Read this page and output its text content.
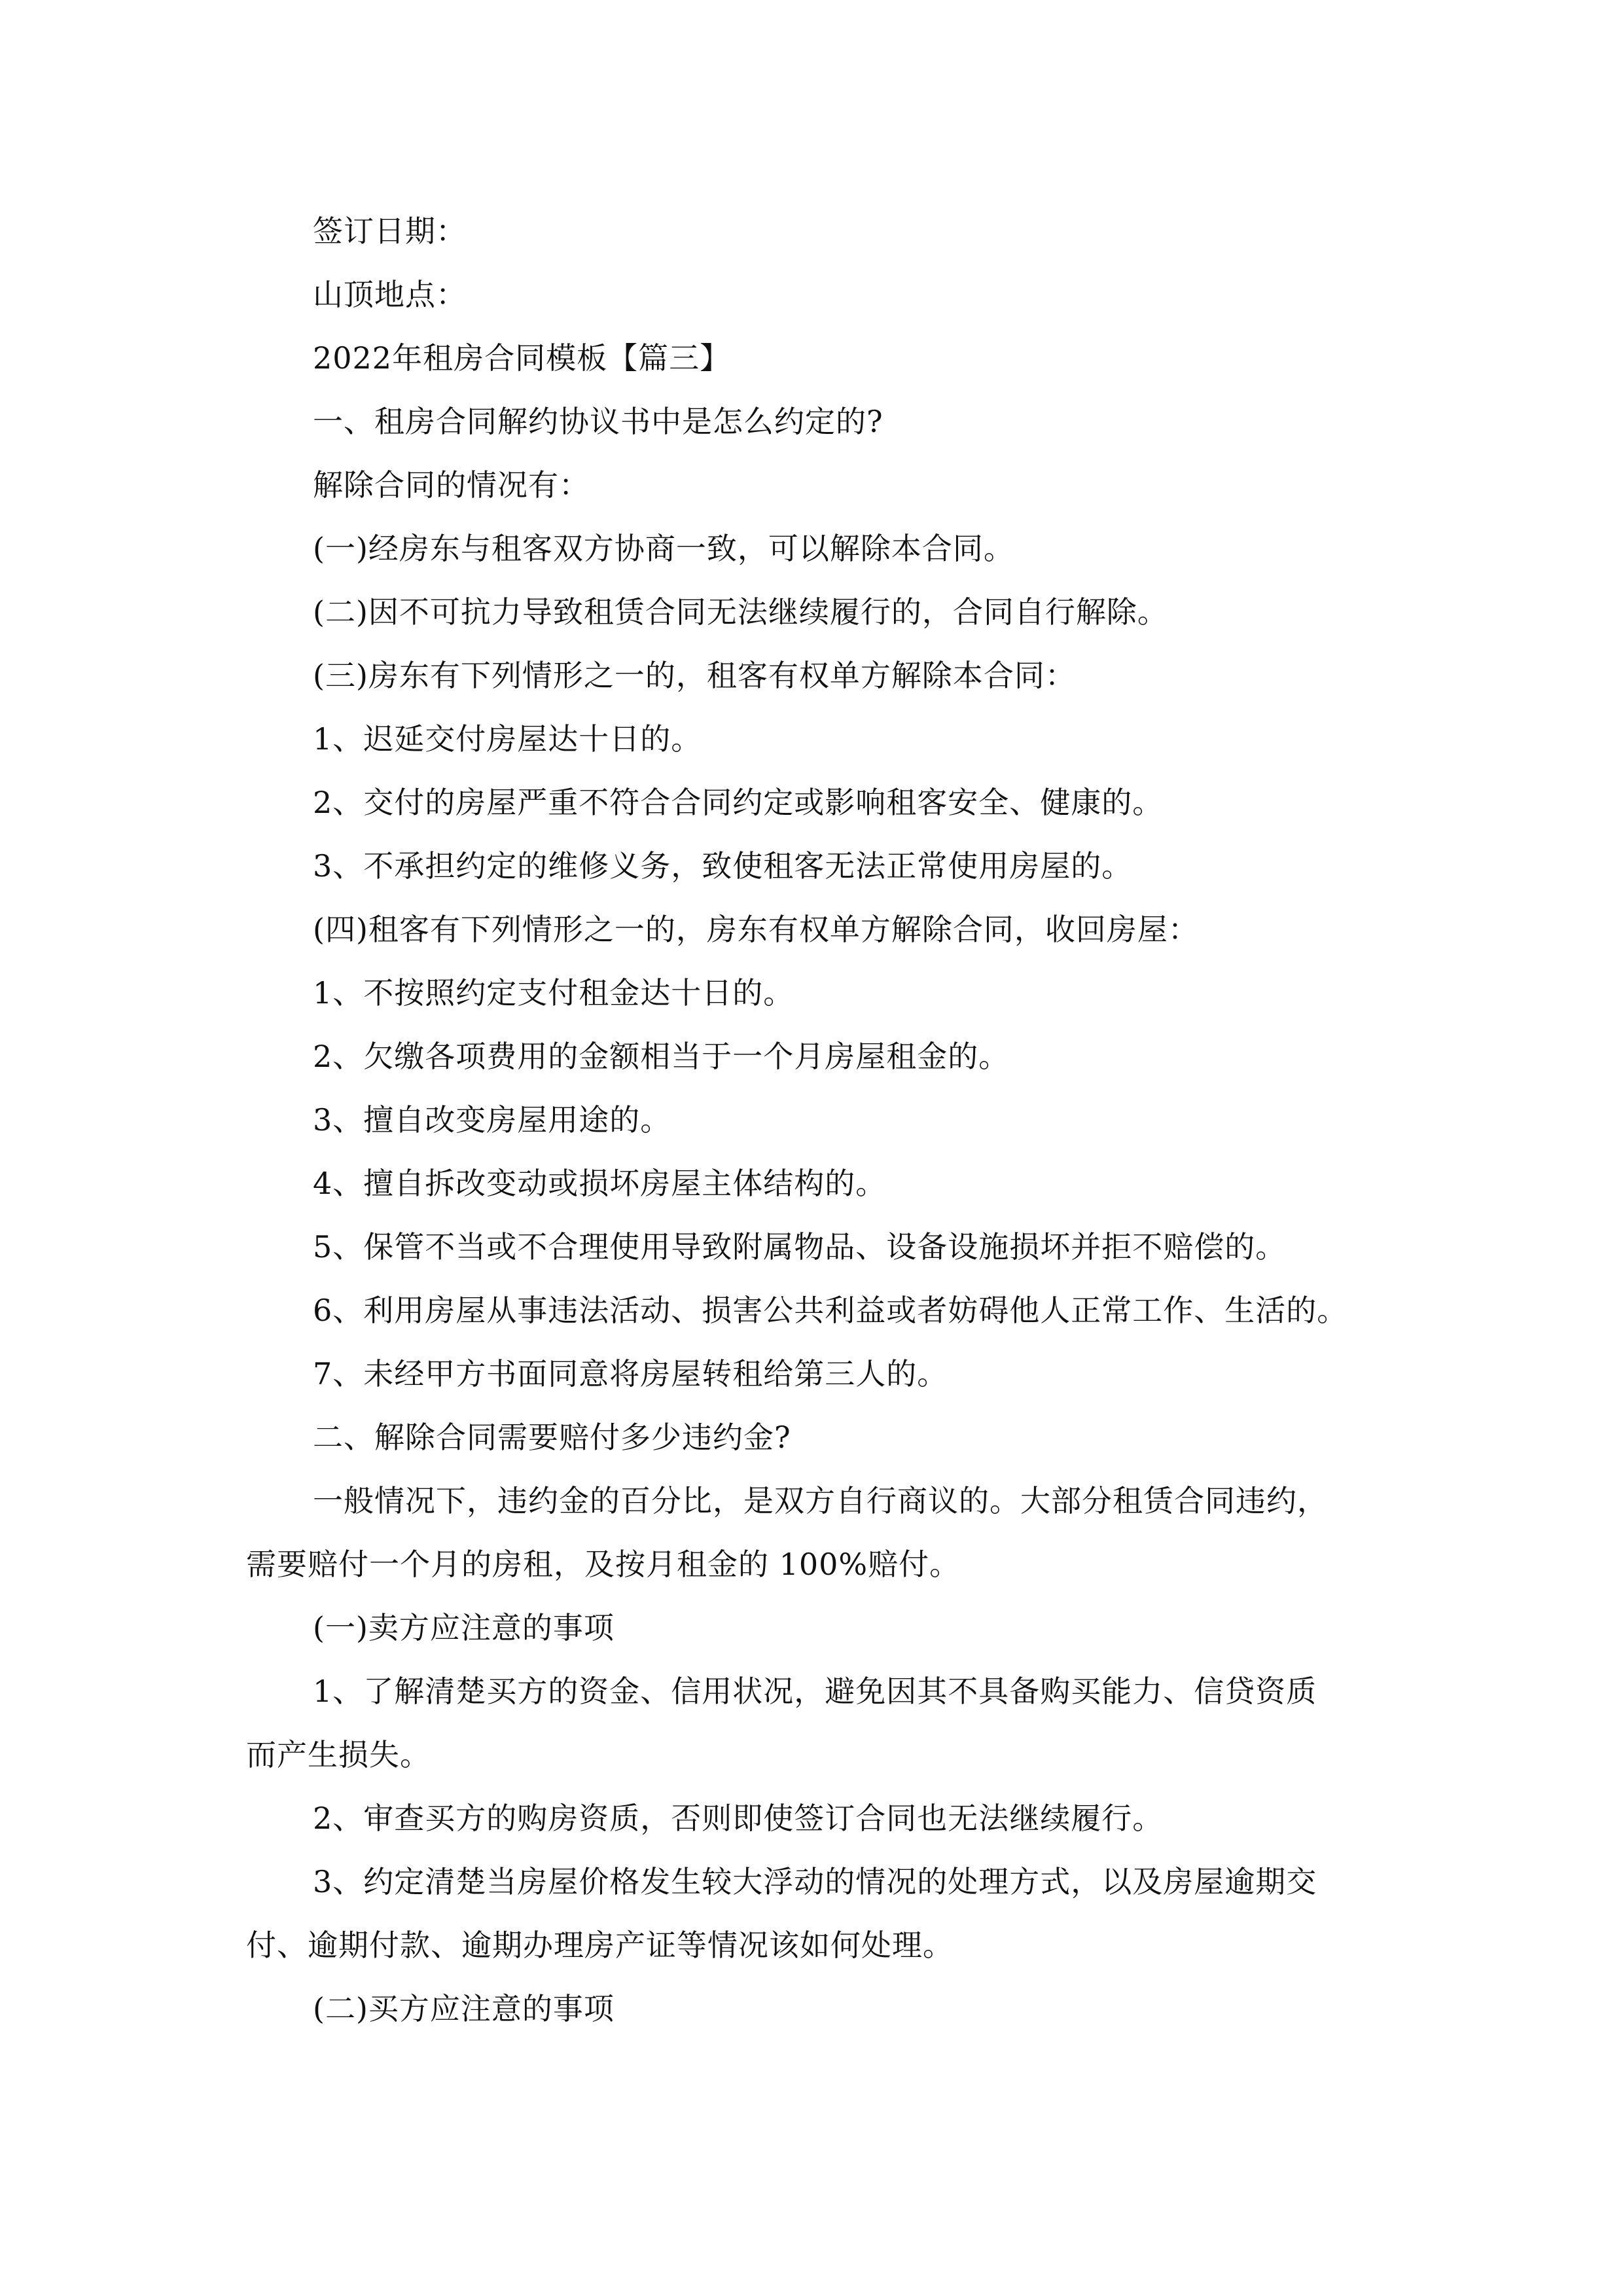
签订日期：
山顶地点：
2022年租房合同模板【篇三】
一、租房合同解约协议书中是怎么约定的?
解除合同的情况有：
(一)经房东与租客双方协商一致，可以解除本合同。
(二)因不可抗力导致租赁合同无法继续履行的，合同自行解除。
(三)房东有下列情形之一的，租客有权单方解除本合同：
1、迟延交付房屋达十日的。
2、交付的房屋严重不符合合同约定或影响租客安全、健康的。
3、不承担约定的维修义务，致使租客无法正常使用房屋的。
(四)租客有下列情形之一的，房东有权单方解除合同，收回房屋：
1、不按照约定支付租金达十日的。
2、欠缴各项费用的金额相当于一个月房屋租金的。
3、擅自改变房屋用途的。
4、擅自拆改变动或损坏房屋主体结构的。
5、保管不当或不合理使用导致附属物品、设备设施损坏并拒不赔偿的。
6、利用房屋从事违法活动、损害公共利益或者妨碍他人正常工作、生活的。
7、未经甲方书面同意将房屋转租给第三人的。
二、解除合同需要赔付多少违约金?
一般情况下，违约金的百分比，是双方自行商议的。大部分租赁合同违约，
需要赔付一个月的房租，及按月租金的 100%赔付。
(一)卖方应注意的事项
1、了解清楚买方的资金、信用状况，避免因其不具备购买能力、信贷资质
而产生损失。
2、审查买方的购房资质，否则即使签订合同也无法继续履行。
3、约定清楚当房屋价格发生较大浮动的情况的处理方式，以及房屋逾期交
付、逾期付款、逾期办理房产证等情况该如何处理。
(二)买方应注意的事项
